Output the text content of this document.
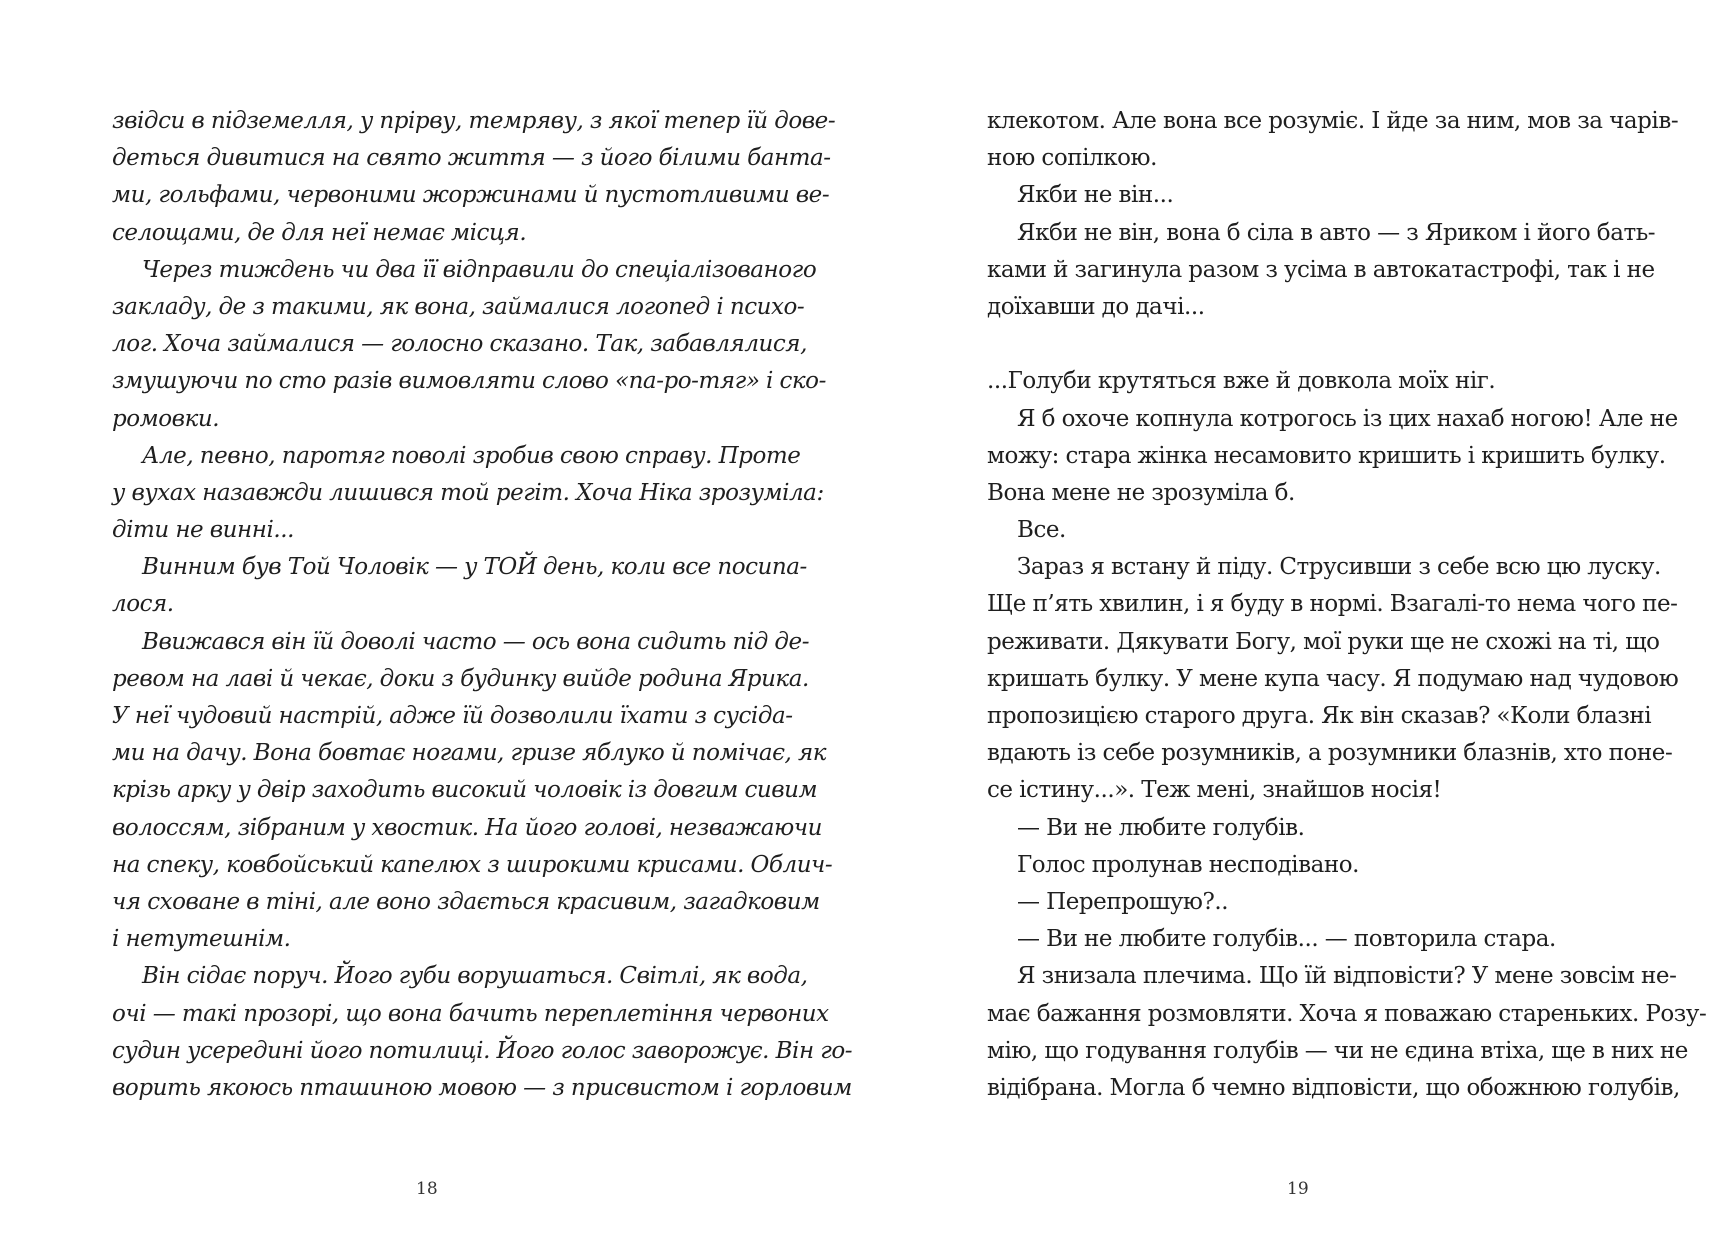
звідси в підземелля, у прірву, темряву, з якої тепер їй дове-
деться дивитися на свято життя — з його білими банта-
ми, гольфами, червоними жоржинами й пустотливими ве-
селощами, де для неї немає місця.
Через тиждень чи два її відправили до спеціалізованого
закладу, де з такими, як вона, займалися логопед і психо-
лог. Хоча займалися — голосно сказано. Так, забавлялися,
змушуючи по сто разів вимовляти слово «па-ро-тяг» і ско-
ромовки.
Але, певно, паротяг поволі зробив свою справу. Проте
у вухах назавжди лишився той регіт. Хоча Ніка зрозуміла:
діти не винні...
Винним був Той Чоловік — у ТОЙ день, коли все посипа-
лося.
Ввижався він їй доволі часто — ось вона сидить під де-
ревом на лаві й чекає, доки з будинку вийде родина Ярика.
У неї чудовий настрій, адже їй дозволили їхати з сусіда-
ми на дачу. Вона бовтає ногами, гризе яблуко й помічає, як
крізь арку у двір заходить високий чоловік із довгим сивим
волоссям, зібраним у хвостик. На його голові, незважаючи
на спеку, ковбойський капелюх з широкими крисами. Облич-
чя сховане в тіні, але воно здається красивим, загадковим
і нетутешнім.
Він сідає поруч. Його губи ворушаться. Світлі, як вода,
очі — такі прозорі, що вона бачить переплетіння червоних
судин усередині його потилиці. Його голос заворожує. Він го-
ворить якоюсь пташиною мовою — з присвистом і горловим
18
клекотом. Але вона все розуміє. І йде за ним, мов за чарів-
ною сопілкою.
Якби не він...
Якби не він, вона б сіла в авто — з Яриком і його бать-
ками й загинула разом з усіма в автокатастрофі, так і не
доїхавши до дачі...
...Голуби крутяться вже й довкола моїх ніг.
Я б охоче копнула котрогось із цих нахаб ногою! Але не
можу: стара жінка несамовито кришить і кришить булку.
Вона мене не зрозуміла б.
Все.
Зараз я встану й піду. Струсивши з себе всю цю луску.
Ще п’ять хвилин, і я буду в нормі. Взагалі-то нема чого пе-
реживати. Дякувати Богу, мої руки ще не схожі на ті, що
кришать булку. У мене купа часу. Я подумаю над чудовою
пропозицією старого друга. Як він сказав? «Коли блазні
вдають із себе розумників, а розумники блазнів, хто поне-
се істину...». Теж мені, знайшов носія!
— Ви не любите голубів.
Голос пролунав несподівано.
— Перепрошую?..
— Ви не любите голубів... — повторила стара.
Я знизала плечима. Що їй відповісти? У мене зовсім не-
має бажання розмовляти. Хоча я поважаю стареньких. Розу-
мію, що годування голубів — чи не єдина втіха, ще в них не
відібрана. Могла б чемно відповісти, що обожнюю голубів,
19
